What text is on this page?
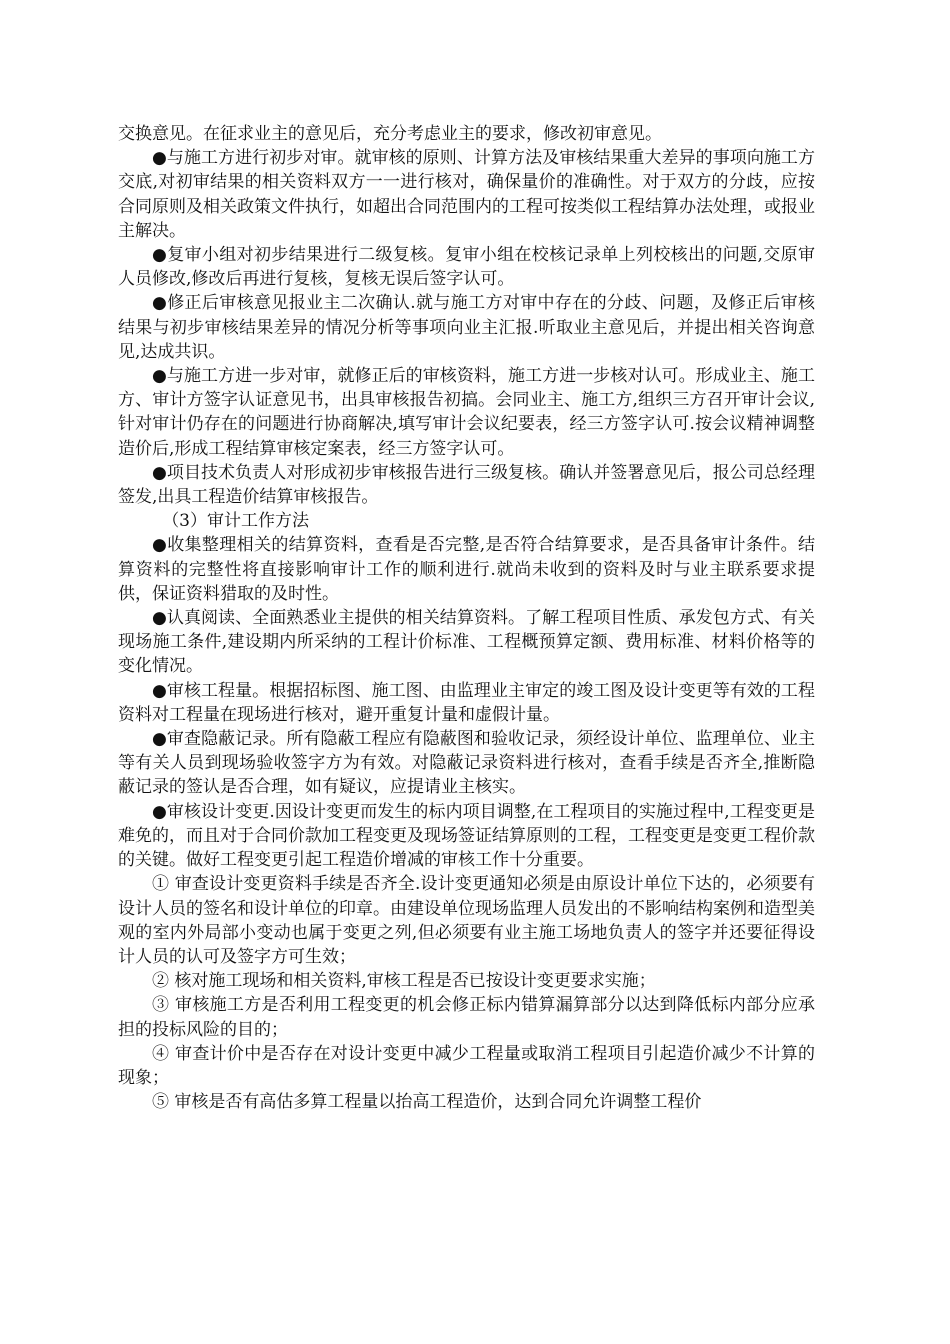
交换意见。在征求业主的意见后，充分考虑业主的要求，修改初审意见。

●与施工方进行初步对审。就审核的原则、计算方法及审核结果重大差异的事项向施工方交底,对初审结果的相关资料双方一一进行核对，确保量价的准确性。对于双方的分歧，应按合同原则及相关政策文件执行，如超出合同范围内的工程可按类似工程结算办法处理，或报业主解决。

●复审小组对初步结果进行二级复核。复审小组在校核记录单上列校核出的问题,交原审人员修改,修改后再进行复核，复核无误后签字认可。

●修正后审核意见报业主二次确认.就与施工方对审中存在的分歧、问题，及修正后审核结果与初步审核结果差异的情况分析等事项向业主汇报.听取业主意见后，并提出相关咨询意见,达成共识。

●与施工方进一步对审，就修正后的审核资料，施工方进一步核对认可。形成业主、施工方、审计方签字认证意见书，出具审核报告初搞。会同业主、施工方,组织三方召开审计会议,针对审计仍存在的问题进行协商解决,填写审计会议纪要表，经三方签字认可.按会议精神调整造价后,形成工程结算审核定案表，经三方签字认可。

●项目技术负责人对形成初步审核报告进行三级复核。确认并签署意见后，报公司总经理签发,出具工程造价结算审核报告。

（3）审计工作方法

●收集整理相关的结算资料，查看是否完整,是否符合结算要求，是否具备审计条件。结算资料的完整性将直接影响审计工作的顺利进行.就尚未收到的资料及时与业主联系要求提供，保证资料猎取的及时性。

●认真阅读、全面熟悉业主提供的相关结算资料。了解工程项目性质、承发包方式、有关现场施工条件,建设期内所采纳的工程计价标准、工程概预算定额、费用标准、材料价格等的变化情况。

●审核工程量。根据招标图、施工图、由监理业主审定的竣工图及设计变更等有效的工程资料对工程量在现场进行核对，避开重复计量和虚假计量。

●审查隐蔽记录。所有隐蔽工程应有隐蔽图和验收记录，须经设计单位、监理单位、业主等有关人员到现场验收签字方为有效。对隐蔽记录资料进行核对，查看手续是否齐全,推断隐蔽记录的签认是否合理，如有疑议，应提请业主核实。

●审核设计变更.因设计变更而发生的标内项目调整,在工程项目的实施过程中,工程变更是难免的，而且对于合同价款加工程变更及现场签证结算原则的工程，工程变更是变更工程价款的关键。做好工程变更引起工程造价增减的审核工作十分重要。

① 审查设计变更资料手续是否齐全.设计变更通知必须是由原设计单位下达的，必须要有设计人员的签名和设计单位的印章。由建设单位现场监理人员发出的不影响结构案例和造型美观的室内外局部小变动也属于变更之列,但必须要有业主施工场地负责人的签字并还要征得设计人员的认可及签字方可生效；

② 核对施工现场和相关资料,审核工程是否已按设计变更要求实施；

③ 审核施工方是否利用工程变更的机会修正标内错算漏算部分以达到降低标内部分应承担的投标风险的目的；

④ 审查计价中是否存在对设计变更中减少工程量或取消工程项目引起造价减少不计算的现象；

⑤ 审核是否有高估多算工程量以抬高工程造价，达到合同允许调整工程价
